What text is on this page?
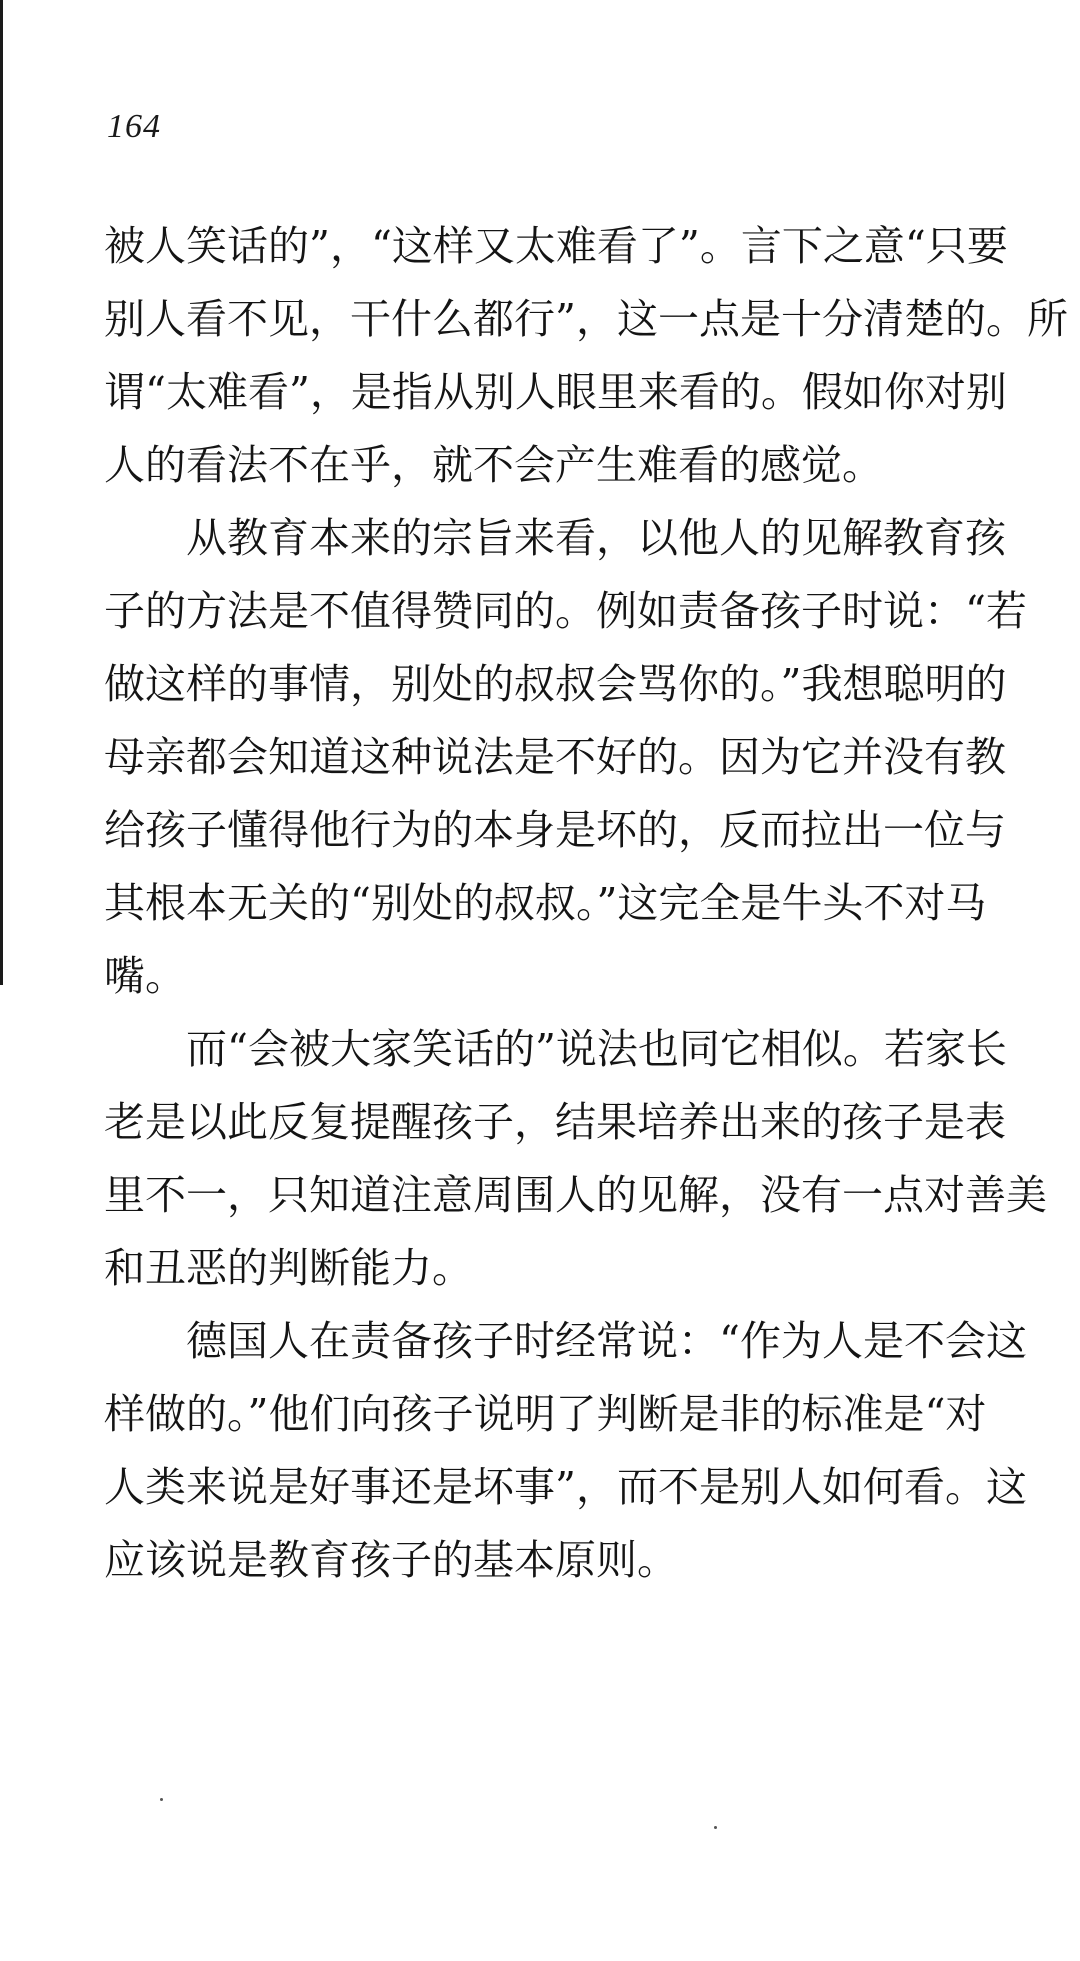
164
被人笑话的”，“这样又太难看了”。言下之意“只要
别人看不见，干什么都行”，这一点是十分清楚的。所
谓“太难看”，是指从别人眼里来看的。假如你对别
人的看法不在乎，就不会产生难看的感觉。
从教育本来的宗旨来看，以他人的见解教育孩
子的方法是不值得赞同的。例如责备孩子时说：“若
做这样的事情，别处的叔叔会骂你的。”我想聪明的
母亲都会知道这种说法是不好的。因为它并没有教
给孩子懂得他行为的本身是坏的，反而拉出一位与
其根本无关的“别处的叔叔。”这完全是牛头不对马
嘴。
而“会被大家笑话的”说法也同它相似。若家长
老是以此反复提醒孩子，结果培养出来的孩子是表
里不一，只知道注意周围人的见解，没有一点对善美
和丑恶的判断能力。
德国人在责备孩子时经常说：“作为人是不会这
样做的。”他们向孩子说明了判断是非的标准是“对
人类来说是好事还是坏事”，而不是别人如何看。这
应该说是教育孩子的基本原则。
